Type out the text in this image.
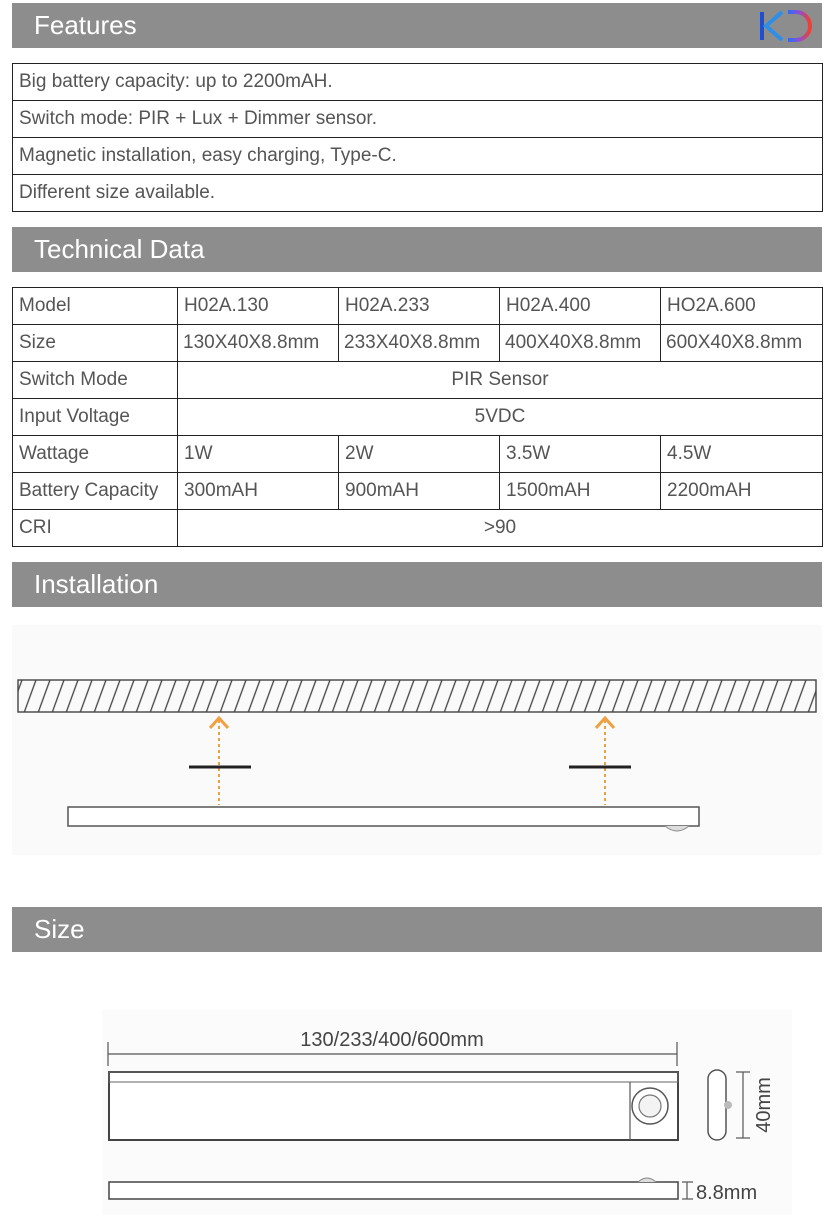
Features
Big battery capacity: up to 2200mAH.
Switch mode: PIR + Lux + Dimmer sensor.
Magnetic installation, easy charging, Type-C.
Different size available.
Technical Data
Model	H02A.130	H02A.233	H02A.400	HO2A.600
Size	130X40X8.8mm	233X40X8.8mm	400X40X8.8mm	600X40X8.8mm
Switch Mode	PIR Sensor			
Input Voltage	5VDC			
Wattage	1W	2W	3.5W	4.5W
Battery Capacity	300mAH	900mAH	1500mAH	2200mAH
CRI	>90			
Installation
Size
130/233/400/600mm
40mm
8.8mm
